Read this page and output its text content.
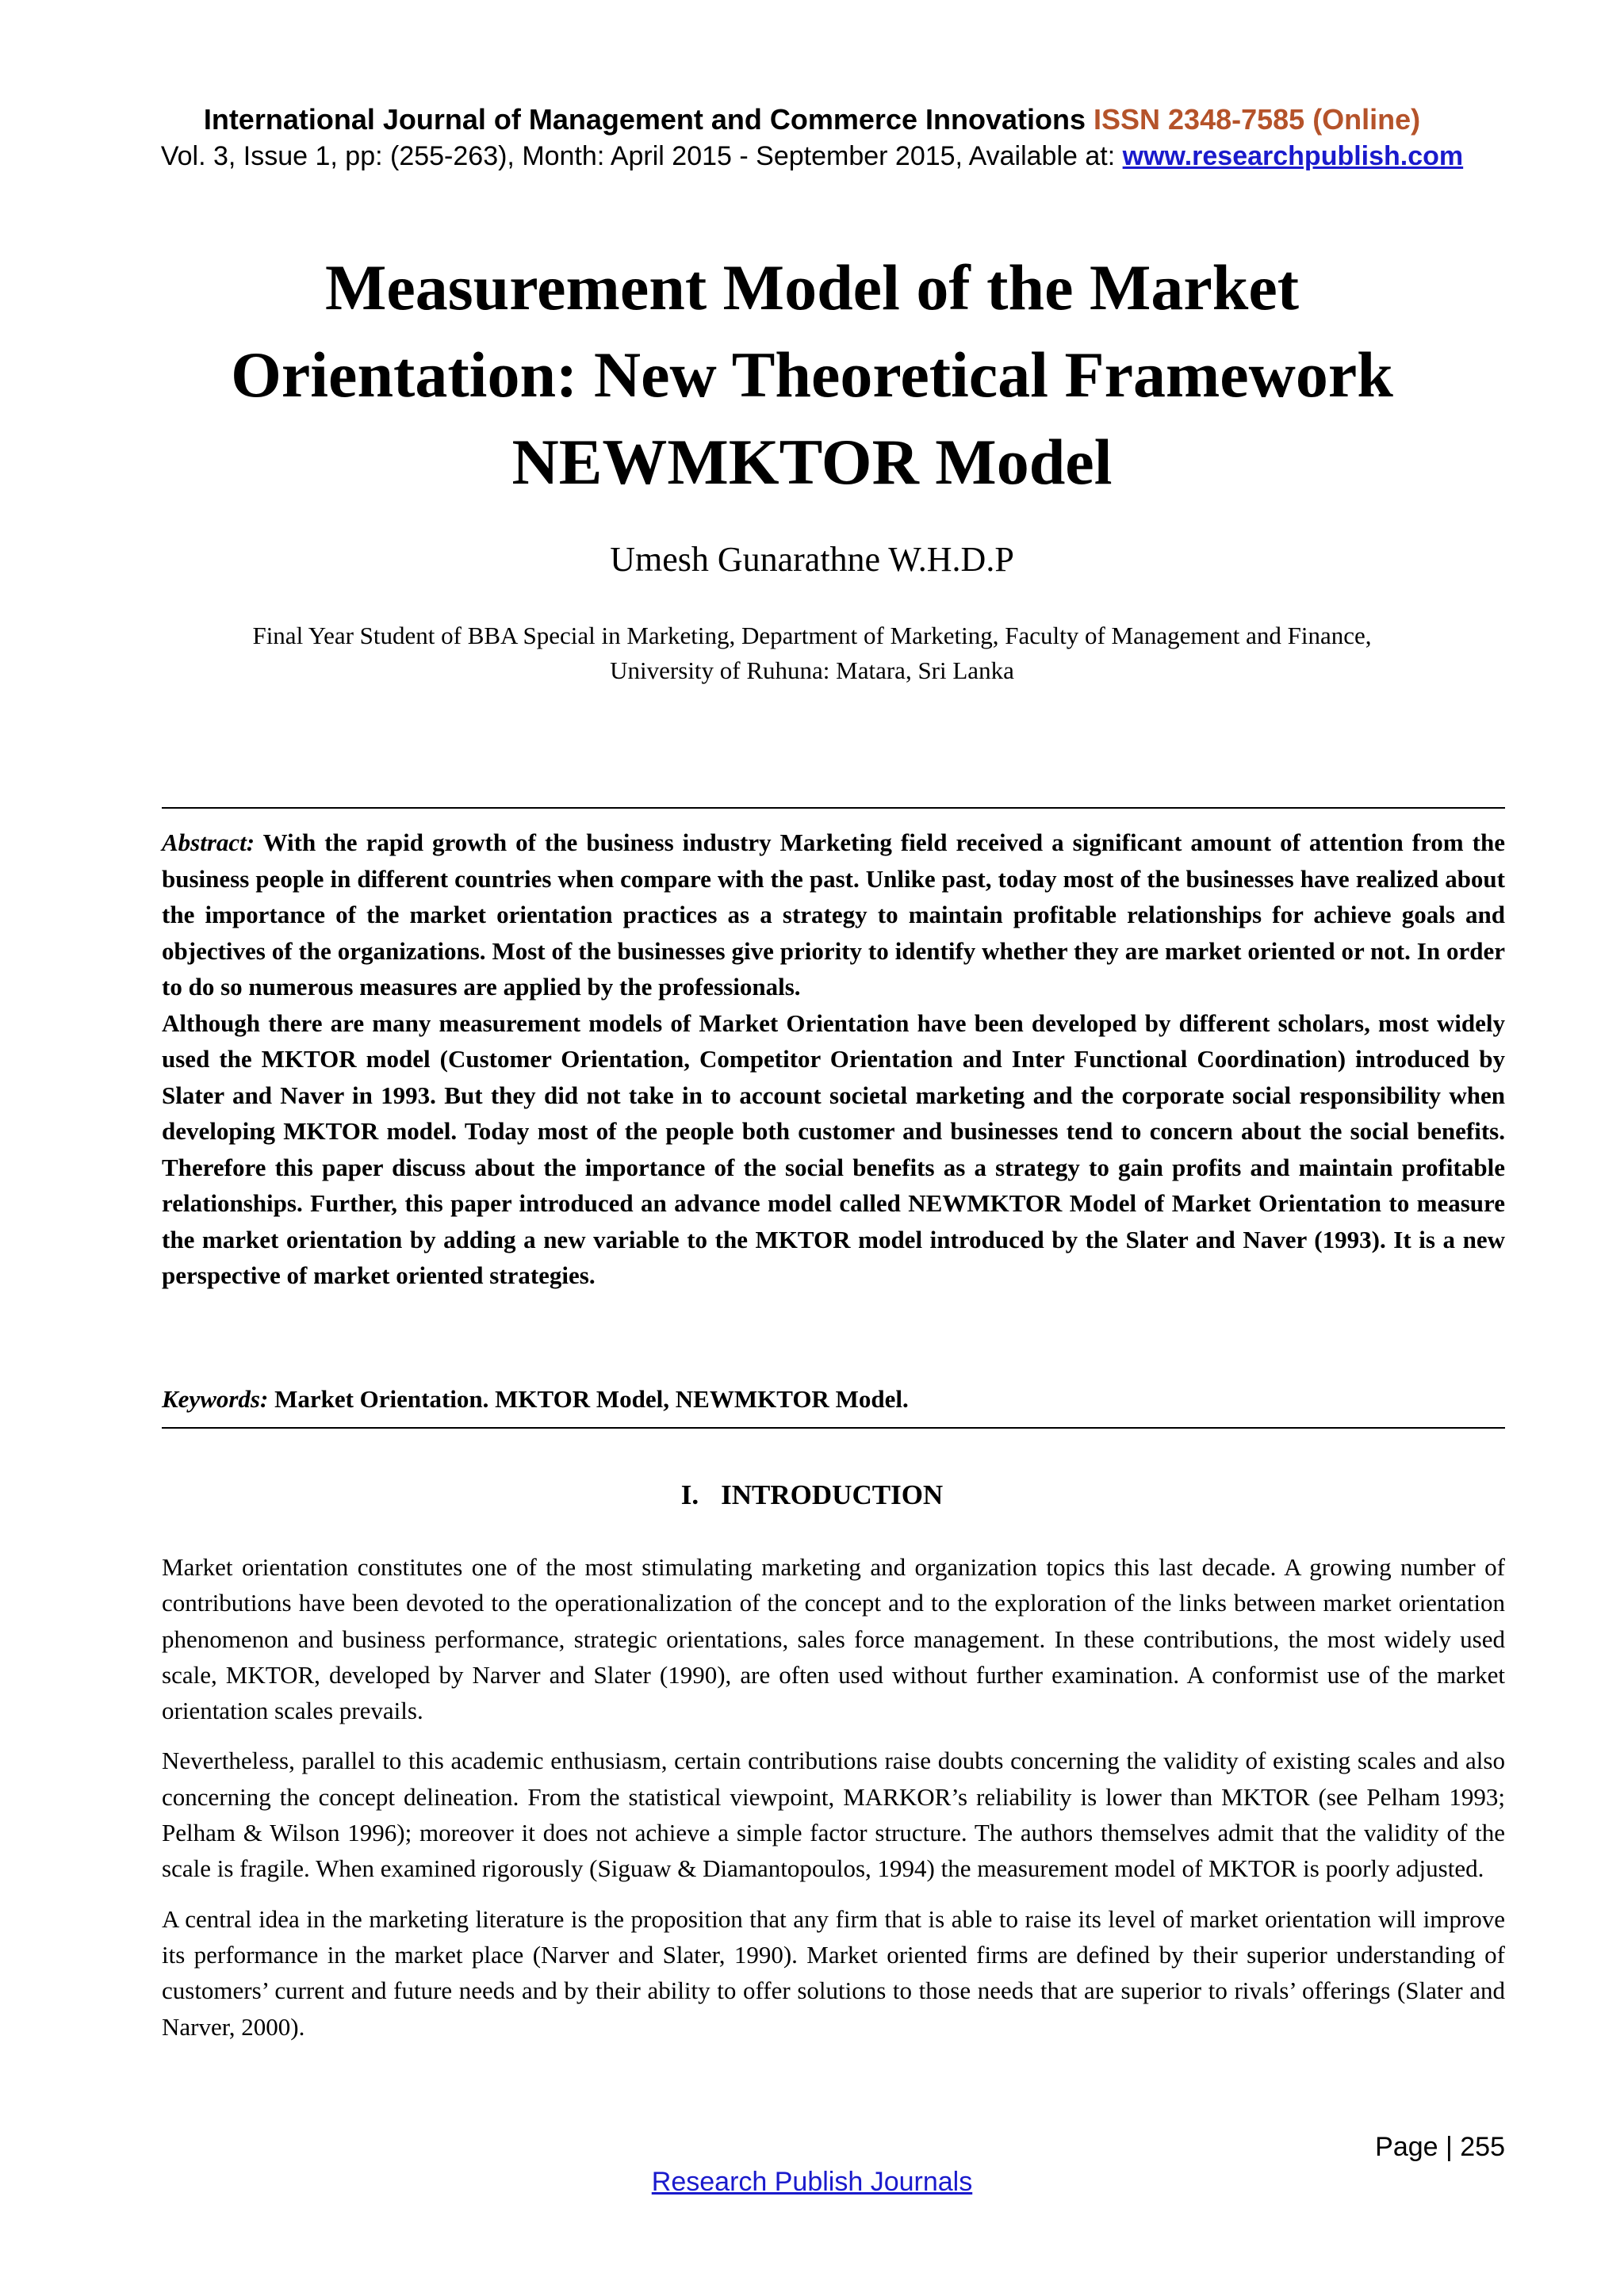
International Journal of Management and Commerce Innovations ISSN 2348-7585 (Online)
Vol. 3, Issue 1, pp: (255-263), Month: April 2015 - September 2015, Available at: www.researchpublish.com
Measurement Model of the Market
Orientation: New Theoretical Framework
NEWMKTOR Model
Umesh Gunarathne W.H.D.P
Final Year Student of BBA Special in Marketing, Department of Marketing, Faculty of Management and Finance,
University of Ruhuna: Matara, Sri Lanka

Abstract: With the rapid growth of the business industry Marketing field received a significant amount of attention from the business people in different countries when compare with the past. Unlike past, today most of the businesses have realized about the importance of the market orientation practices as a strategy to maintain profitable relationships for achieve goals and objectives of the organizations. Most of the businesses give priority to identify whether they are market oriented or not. In order to do so numerous measures are applied by the professionals.

Although there are many measurement models of Market Orientation have been developed by different scholars, most widely used the MKTOR model (Customer Orientation, Competitor Orientation and Inter Functional Coordination) introduced by Slater and Naver in 1993. But they did not take in to account societal marketing and the corporate social responsibility when developing MKTOR model. Today most of the people both customer and businesses tend to concern about the social benefits. Therefore this paper discuss about the importance of the social benefits as a strategy to gain profits and maintain profitable relationships. Further, this paper introduced an advance model called NEWMKTOR Model of Market Orientation to measure the market orientation by adding a new variable to the MKTOR model introduced by the Slater and Naver (1993). It is a new perspective of market oriented strategies.

Keywords: Market Orientation. MKTOR Model, NEWMKTOR Model.
I. INTRODUCTION

Market orientation constitutes one of the most stimulating marketing and organization topics this last decade. A growing number of contributions have been devoted to the operationalization of the concept and to the exploration of the links between market orientation phenomenon and business performance, strategic orientations, sales force management. In these contributions, the most widely used scale, MKTOR, developed by Narver and Slater (1990), are often used without further examination. A conformist use of the market orientation scales prevails.

Nevertheless, parallel to this academic enthusiasm, certain contributions raise doubts concerning the validity of existing scales and also concerning the concept delineation. From the statistical viewpoint, MARKOR’s reliability is lower than MKTOR (see Pelham 1993; Pelham & Wilson 1996); moreover it does not achieve a simple factor structure. The authors themselves admit that the validity of the scale is fragile. When examined rigorously (Siguaw & Diamantopoulos, 1994) the measurement model of MKTOR is poorly adjusted.

A central idea in the marketing literature is the proposition that any firm that is able to raise its level of market orientation will improve its performance in the market place (Narver and Slater, 1990). Market oriented firms are defined by their superior understanding of customers’ current and future needs and by their ability to offer solutions to those needs that are superior to rivals’ offerings (Slater and Narver, 2000).

Page | 255
Research Publish Journals
